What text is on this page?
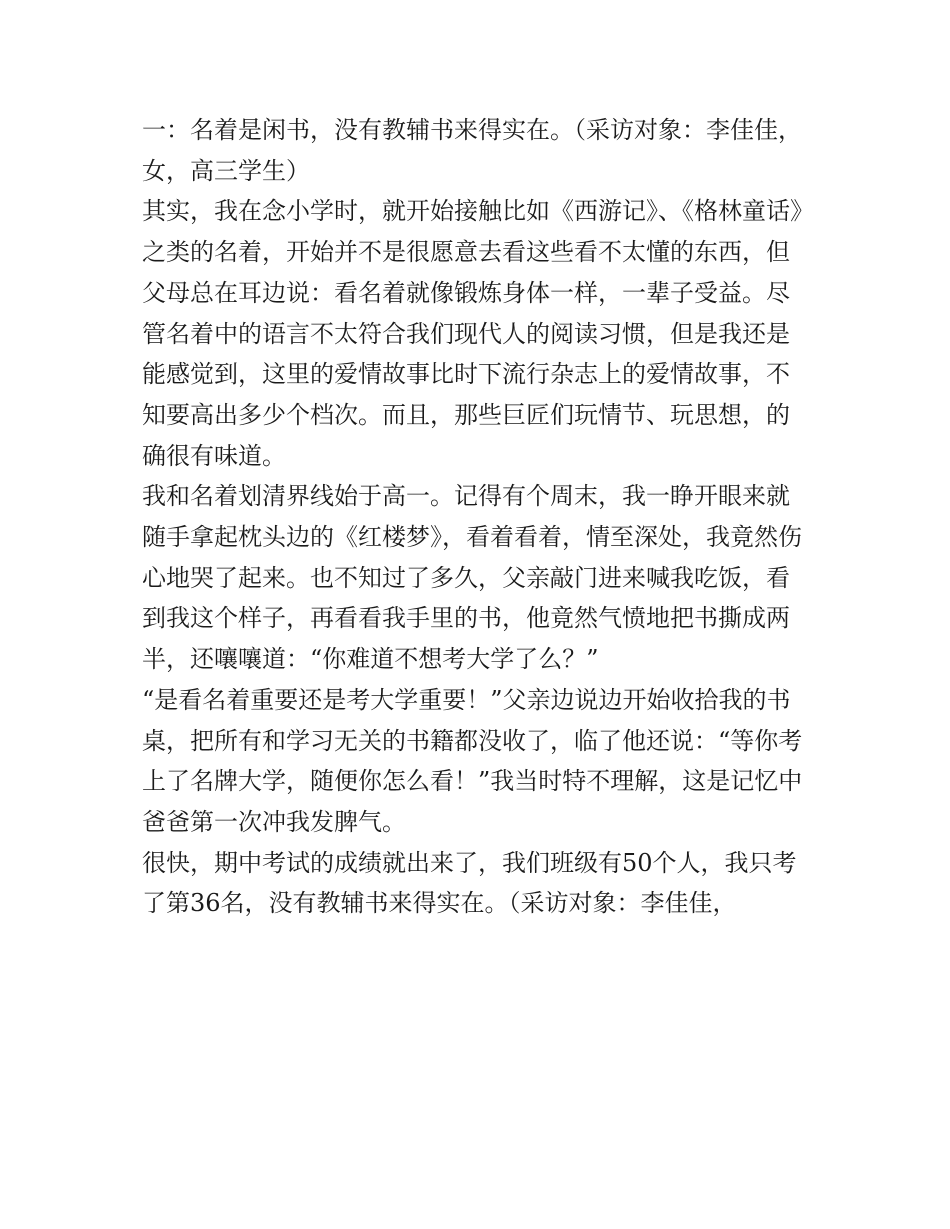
一：名着是闲书，没有教辅书来得实在。（采访对象：李佳佳，女，高三学生）

其实，我在念小学时，就开始接触比如《西游记》、《格林童话》之类的名着，开始并不是很愿意去看这些看不太懂的东西，但父母总在耳边说：看名着就像锻炼身体一样，一辈子受益。尽管名着中的语言不太符合我们现代人的阅读习惯，但是我还是能感觉到，这里的爱情故事比时下流行杂志上的爱情故事，不知要高出多少个档次。而且，那些巨匠们玩情节、玩思想，的确很有味道。

我和名着划清界线始于高一。记得有个周末，我一睁开眼来就随手拿起枕头边的《红楼梦》，看着看着，情至深处，我竟然伤心地哭了起来。也不知过了多久，父亲敲门进来喊我吃饭，看到我这个样子，再看看我手里的书，他竟然气愤地把书撕成两半，还嚷嚷道：“你难道不想考大学了么？”

“是看名着重要还是考大学重要！”父亲边说边开始收拾我的书桌，把所有和学习无关的书籍都没收了，临了他还说：“等你考上了名牌大学，随便你怎么看！”我当时特不理解，这是记忆中爸爸第一次冲我发脾气。

很快，期中考试的成绩就出来了，我们班级有50个人，我只考了第36名，没有教辅书来得实在。（采访对象：李佳佳，
